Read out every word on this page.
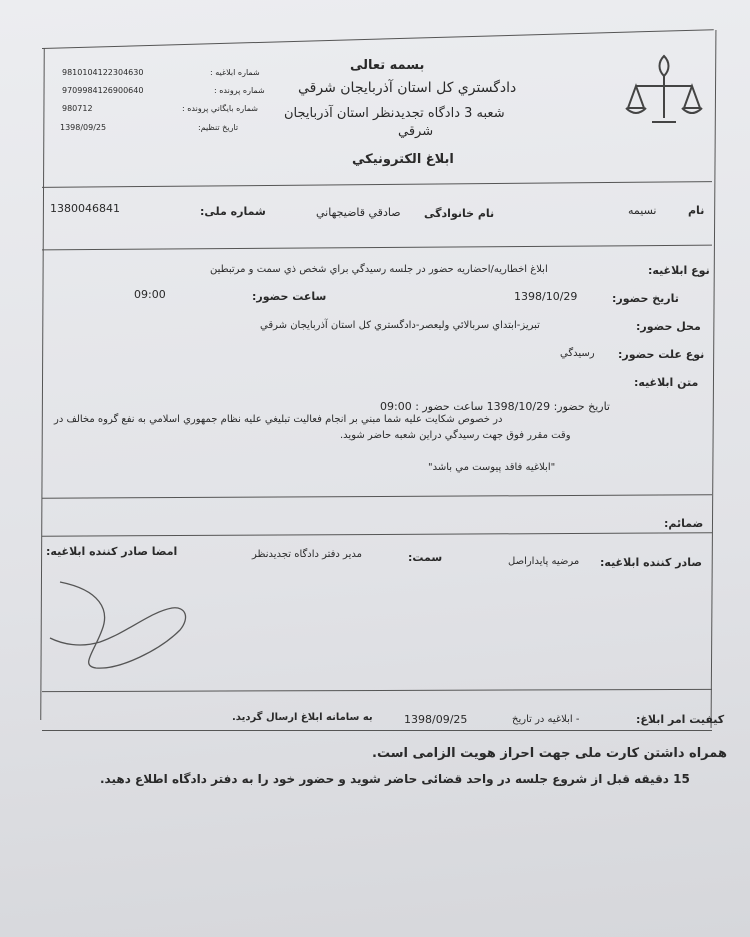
بسمه تعالی
دادگستري كل استان آذربايجان شرقي
شعبه 3 دادگاه تجديدنظر استان آذربايجان
شرقي
ابلاغ الكترونيكي
شماره ابلاغيه :
9810104122304630
شماره پرونده :
9709984126900640
شماره بايگاني پرونده :
980712
تاريخ تنظيم:
1398/09/25
نام
نسيمه
نام خانوادگی
صادقي قاضيجهاني
شماره ملی:
1380046841
نوع ابلاغيه:
ابلاغ اخطاريه/احضاريه حضور در جلسه رسيدگي براي شخص ذي سمت و مرتبطين
تاريخ حضور:
1398/10/29
ساعت حضور:
09:00
محل حضور:
تبريز-ابتداي سربالائي وليعصر-دادگستري كل استان آذربايجان شرقي
نوع علت حضور:
رسيدگي
متن ابلاغيه:
تاريخ حضور: 1398/10/29 ساعت حضور : 09:00
در خصوص شكايت عليه شما مبني بر انجام فعاليت تبليغي عليه نظام جمهوري اسلامي به نفع گروه مخالف در
وقت مقرر فوق جهت رسيدگي دراين شعبه حاضر شويد.
"ابلاغيه فاقد پيوست مي باشد"
ضمائم:
صادر كننده ابلاغيه:
مرضيه پايداراصل
سمت:
مدير دفتر دادگاه تجديدنظر
امضا صادر كننده ابلاغيه:
كيفيت امر ابلاغ:
- ابلاغيه در تاريخ
1398/09/25
به سامانه ابلاغ ارسال گرديد.
همراه داشتن كارت ملی جهت احراز هويت الزامی است.
15 دقيقه قبل از شروع جلسه در واحد قضائی حاضر شويد و حضور خود را به دفتر دادگاه اطلاع دهيد.
